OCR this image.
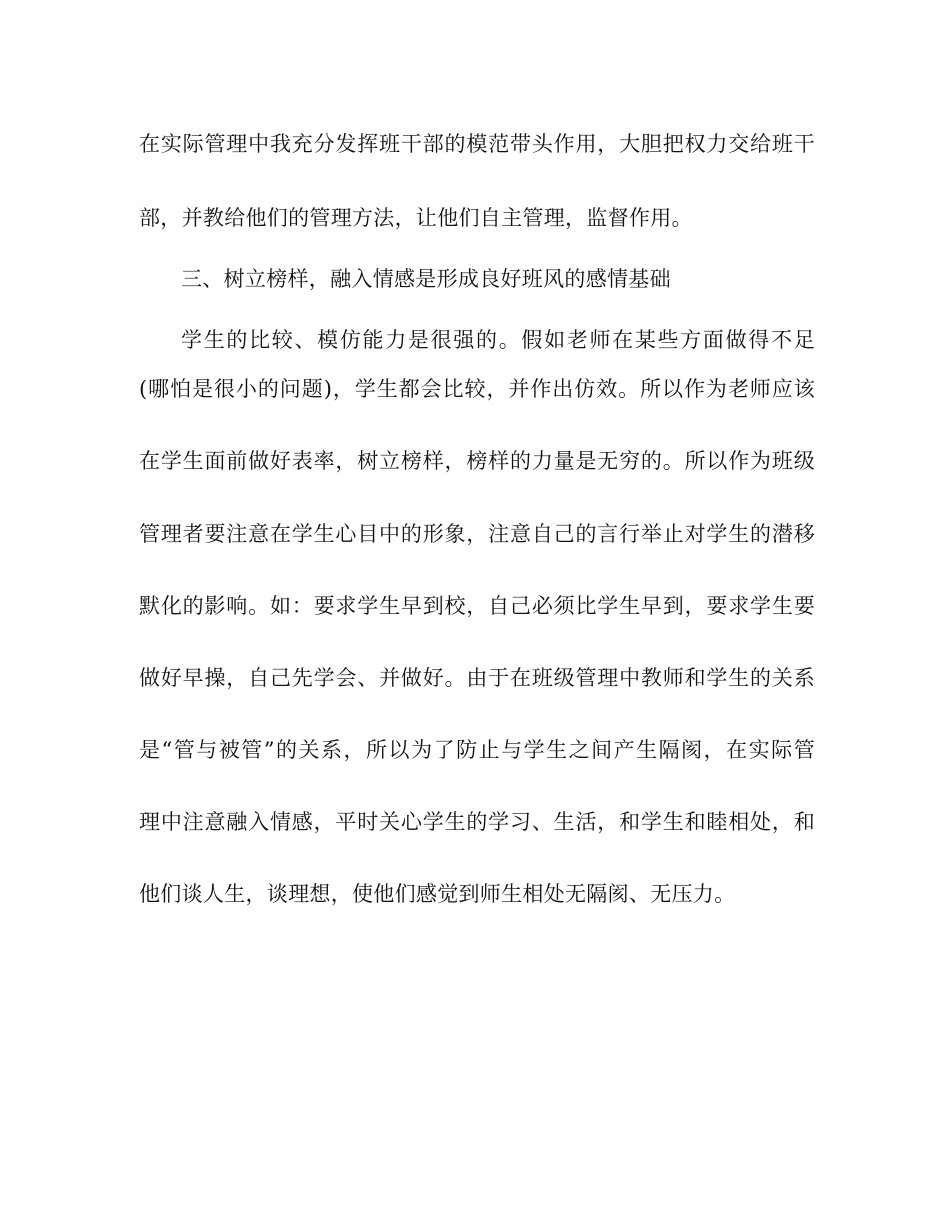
在实际管理中我充分发挥班干部的模范带头作用，大胆把权力交给班干
部，并教给他们的管理方法，让他们自主管理，监督作用。
三、树立榜样，融入情感是形成良好班风的感情基础
学生的比较、模仿能力是很强的。假如老师在某些方面做得不足
(哪怕是很小的问题)，学生都会比较，并作出仿效。所以作为老师应该
在学生面前做好表率，树立榜样，榜样的力量是无穷的。所以作为班级
管理者要注意在学生心目中的形象，注意自己的言行举止对学生的潜移
默化的影响。如：要求学生早到校，自己必须比学生早到，要求学生要
做好早操，自己先学会、并做好。由于在班级管理中教师和学生的关系
是“管与被管”的关系，所以为了防止与学生之间产生隔阂，在实际管
理中注意融入情感，平时关心学生的学习、生活，和学生和睦相处，和
他们谈人生，谈理想，使他们感觉到师生相处无隔阂、无压力。
